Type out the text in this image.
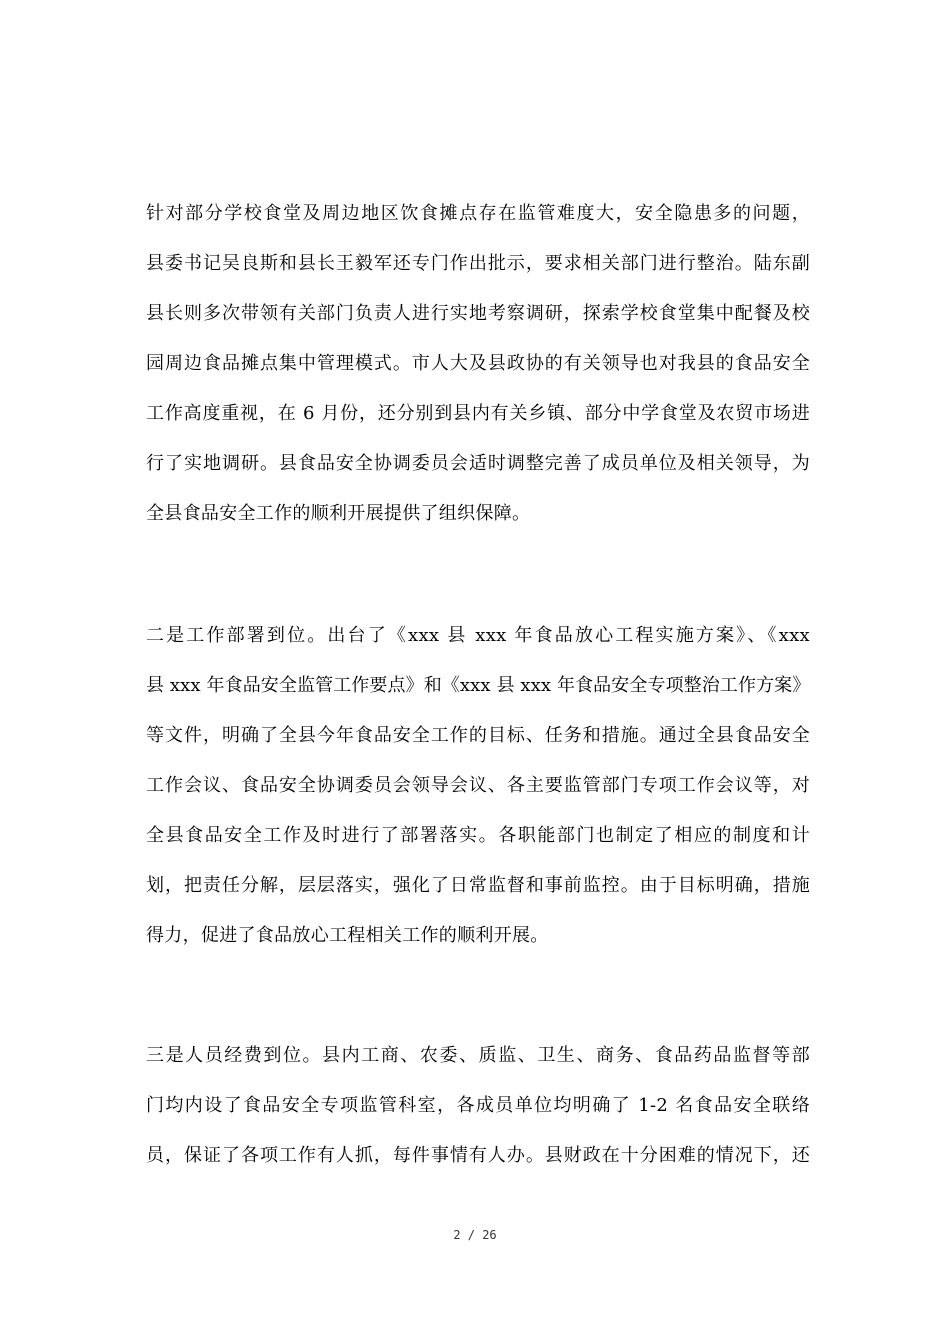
针对部分学校食堂及周边地区饮食摊点存在监管难度大，安全隐患多的问题，
县委书记吴良斯和县长王毅军还专门作出批示，要求相关部门进行整治。陆东副
县长则多次带领有关部门负责人进行实地考察调研，探索学校食堂集中配餐及校
园周边食品摊点集中管理模式。市人大及县政协的有关领导也对我县的食品安全
工作高度重视，在 6 月份，还分别到县内有关乡镇、部分中学食堂及农贸市场进
行了实地调研。县食品安全协调委员会适时调整完善了成员单位及相关领导，为
全县食品安全工作的顺利开展提供了组织保障。
二是工作部署到位。出台了《xxx 县 xxx 年食品放心工程实施方案》、《xxx
县 xxx 年食品安全监管工作要点》和《xxx 县 xxx 年食品安全专项整治工作方案》
等文件，明确了全县今年食品安全工作的目标、任务和措施。通过全县食品安全
工作会议、食品安全协调委员会领导会议、各主要监管部门专项工作会议等，对
全县食品安全工作及时进行了部署落实。各职能部门也制定了相应的制度和计
划，把责任分解，层层落实，强化了日常监督和事前监控。由于目标明确，措施
得力，促进了食品放心工程相关工作的顺利开展。
三是人员经费到位。县内工商、农委、质监、卫生、商务、食品药品监督等部
门均内设了食品安全专项监管科室，各成员单位均明确了 1-2 名食品安全联络
员，保证了各项工作有人抓，每件事情有人办。县财政在十分困难的情况下，还
2 / 26
